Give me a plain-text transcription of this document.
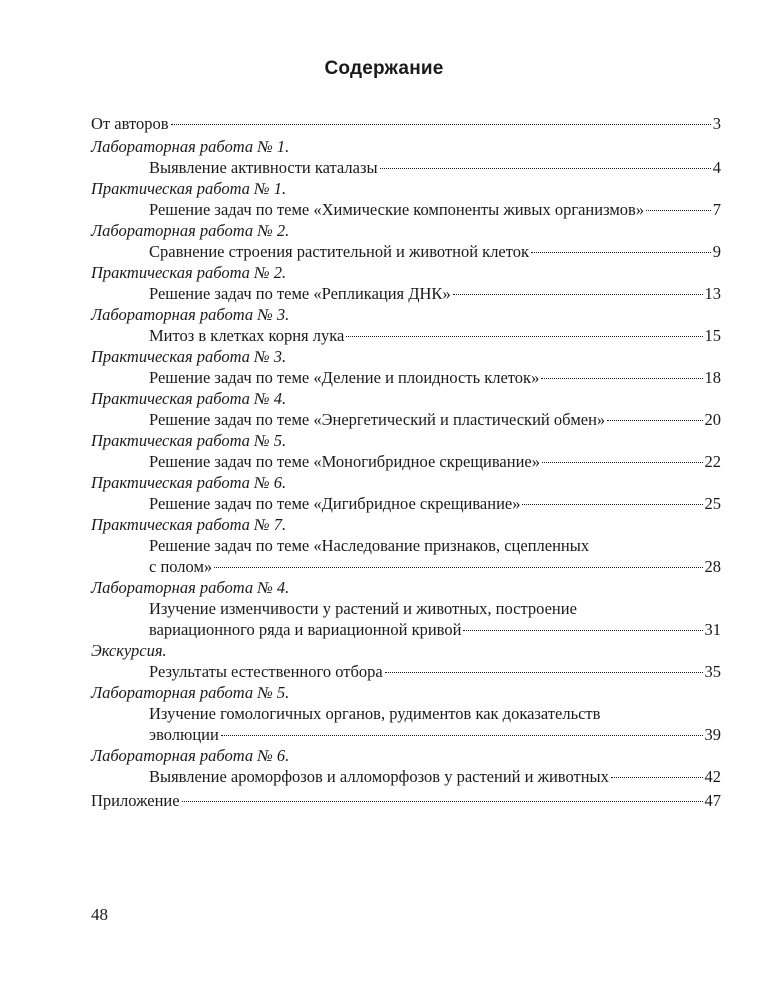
Содержание
От авторов	3
Лабораторная работа № 1.
Выявление активности каталазы	4
Практическая работа № 1.
Решение задач по теме «Химические компоненты живых организмов»	7
Лабораторная работа № 2.
Сравнение строения растительной и животной клеток	9
Практическая работа № 2.
Решение задач по теме «Репликация ДНК»	13
Лабораторная работа № 3.
Митоз в клетках корня лука	15
Практическая работа № 3.
Решение задач по теме «Деление и плоидность клеток»	18
Практическая работа № 4.
Решение задач по теме «Энергетический и пластический обмен»	20
Практическая работа № 5.
Решение задач по теме «Моногибридное скрещивание»	22
Практическая работа № 6.
Решение задач по теме «Дигибридное скрещивание»	25
Практическая работа № 7.
Решение задач по теме «Наследование признаков, сцепленных
с полом»	28
Лабораторная работа № 4.
Изучение изменчивости у растений и животных, построение
вариационного ряда и вариационной кривой	31
Экскурсия.
Результаты естественного отбора	35
Лабораторная работа № 5.
Изучение гомологичных органов, рудиментов как доказательств
эволюции	39
Лабораторная работа № 6.
Выявление ароморфозов и алломорфозов у растений и животных	42
Приложение	47
48
